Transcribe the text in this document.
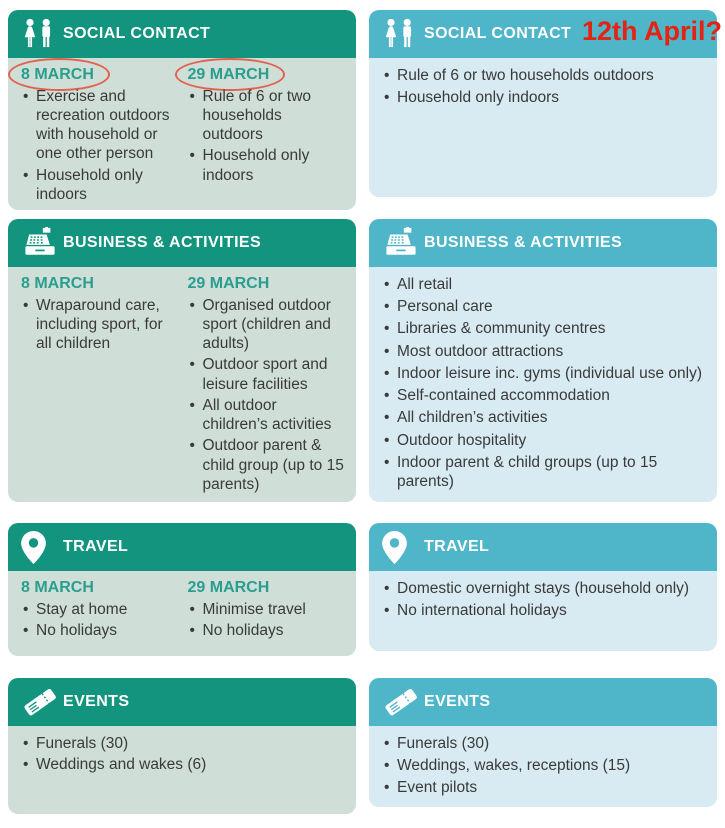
SOCIAL CONTACT
8 MARCH
• Exercise and recreation outdoors with household or one other person
• Household only indoors
29 MARCH
• Rule of 6 or two households outdoors
• Household only indoors
BUSINESS & ACTIVITIES
8 MARCH
• Wraparound care, including sport, for all children
29 MARCH
• Organised outdoor sport (children and adults)
• Outdoor sport and leisure facilities
• All outdoor children’s activities
• Outdoor parent & child group (up to 15 parents)
TRAVEL
8 MARCH
• Stay at home
• No holidays
29 MARCH
• Minimise travel
• No holidays
EVENTS
• Funerals (30)
• Weddings and wakes (6)
SOCIAL CONTACT 12th April?
• Rule of 6 or two households outdoors
• Household only indoors
BUSINESS & ACTIVITIES
• All retail
• Personal care
• Libraries & community centres
• Most outdoor attractions
• Indoor leisure inc. gyms (individual use only)
• Self-contained accommodation
• All children’s activities
• Outdoor hospitality
• Indoor parent & child groups (up to 15 parents)
TRAVEL
• Domestic overnight stays (household only)
• No international holidays
EVENTS
• Funerals (30)
• Weddings, wakes, receptions (15)
• Event pilots
